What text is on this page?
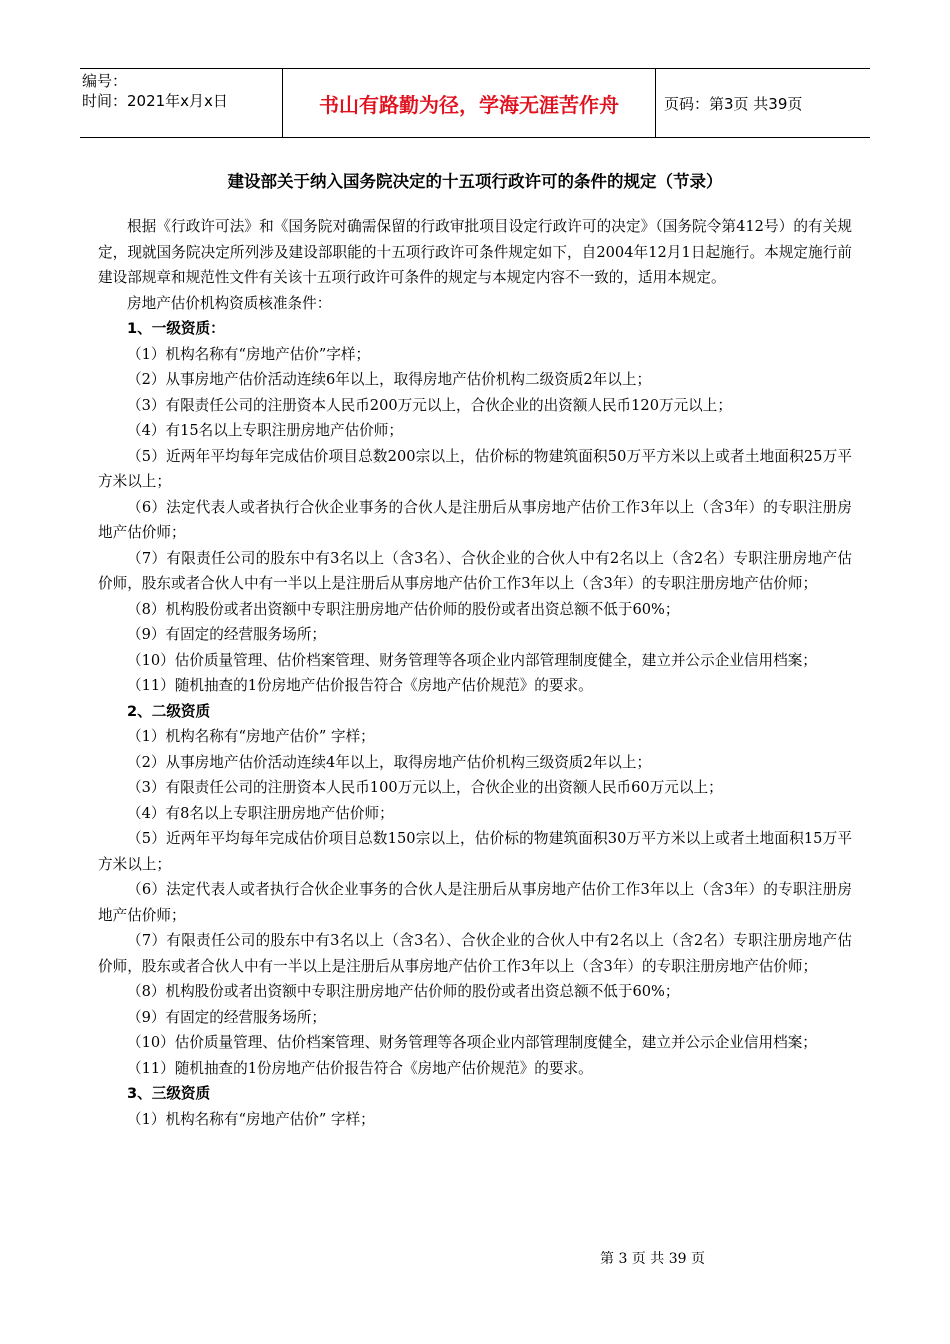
编号：
时间：2021年x月x日	书山有路勤为径，学海无涯苦作舟	页码：第3页 共39页
建设部关于纳入国务院决定的十五项行政许可的条件的规定（节录）

根据《行政许可法》和《国务院对确需保留的行政审批项目设定行政许可的决定》（国务院令第412号）的有关规定，现就国务院决定所列涉及建设部职能的十五项行政许可条件规定如下，自2004年12月1日起施行。本规定施行前建设部规章和规范性文件有关该十五项行政许可条件的规定与本规定内容不一致的，适用本规定。

房地产估价机构资质核准条件：

1、一级资质：

（1）机构名称有“房地产估价”字样；

（2）从事房地产估价活动连续6年以上，取得房地产估价机构二级资质2年以上；

（3）有限责任公司的注册资本人民币200万元以上，合伙企业的出资额人民币120万元以上；

（4）有15名以上专职注册房地产估价师；

（5）近两年平均每年完成估价项目总数200宗以上，估价标的物建筑面积50万平方米以上或者土地面积25万平方米以上；

（6）法定代表人或者执行合伙企业事务的合伙人是注册后从事房地产估价工作3年以上（含3年）的专职注册房地产估价师；

（7）有限责任公司的股东中有3名以上（含3名）、合伙企业的合伙人中有2名以上（含2名）专职注册房地产估价师，股东或者合伙人中有一半以上是注册后从事房地产估价工作3年以上（含3年）的专职注册房地产估价师；

（8）机构股份或者出资额中专职注册房地产估价师的股份或者出资总额不低于60%；

（9）有固定的经营服务场所；

（10）估价质量管理、估价档案管理、财务管理等各项企业内部管理制度健全，建立并公示企业信用档案；

（11）随机抽查的1份房地产估价报告符合《房地产估价规范》的要求。

2、二级资质

（1）机构名称有“房地产估价” 字样；

（2）从事房地产估价活动连续4年以上，取得房地产估价机构三级资质2年以上；

（3）有限责任公司的注册资本人民币100万元以上，合伙企业的出资额人民币60万元以上；

（4）有8名以上专职注册房地产估价师；

（5）近两年平均每年完成估价项目总数150宗以上，估价标的物建筑面积30万平方米以上或者土地面积15万平方米以上；

（6）法定代表人或者执行合伙企业事务的合伙人是注册后从事房地产估价工作3年以上（含3年）的专职注册房地产估价师；

（7）有限责任公司的股东中有3名以上（含3名）、合伙企业的合伙人中有2名以上（含2名）专职注册房地产估价师，股东或者合伙人中有一半以上是注册后从事房地产估价工作3年以上（含3年）的专职注册房地产估价师；

（8）机构股份或者出资额中专职注册房地产估价师的股份或者出资总额不低于60%；

（9）有固定的经营服务场所；

（10）估价质量管理、估价档案管理、财务管理等各项企业内部管理制度健全，建立并公示企业信用档案；

（11）随机抽查的1份房地产估价报告符合《房地产估价规范》的要求。

3、三级资质

（1）机构名称有“房地产估价” 字样；

第 3 页 共 39 页
